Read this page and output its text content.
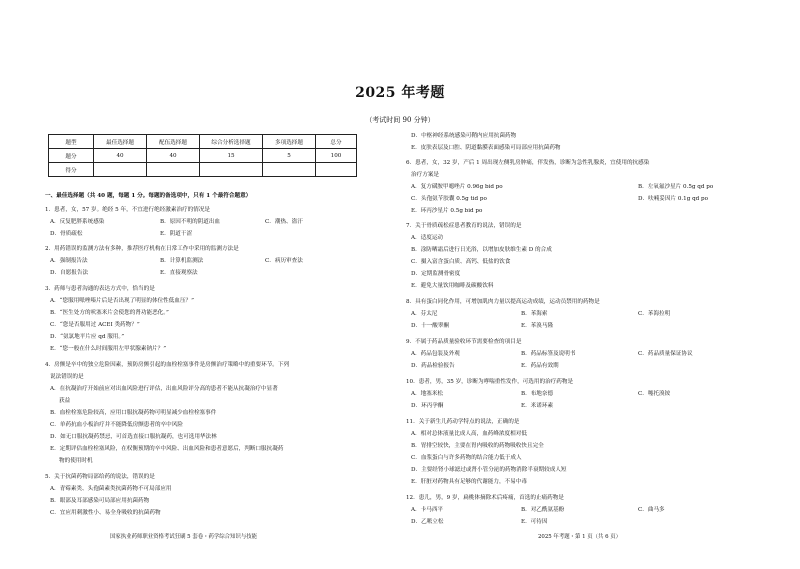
2025 年考题
（考试时间 90 分钟）
题型	最佳选择题	配伍选择题	综合分析选择题	多项选择题	总分
题分	40	40	15	5	100
得分					
一、最佳选择题（共 40 题，每题 1 分。每题的备选项中，只有 1 个最符合题意）
1．患者，女，57 岁。绝经 5 年，不宜进行绝经激素治疗的情况是
A．反复肥胖系统感染	B．原因不明的阴道出血	C．潮热、盗汗
D．骨质疏松	E．阴道干涩
2．用药错误的监测方法有多种，推荐医疗机构在日常工作中采用的监测方法是
A．强制报告法	B．计算机监测法	C．病历审查法
D．自愿报告法	E．直接观察法
3．药师与患者沟通的表达方式中，恰当的是
A．“您服用哌唑嗪片后是否出现了明显的体位性低血压？”
B．“医生处方的吠塞米片会使您的肾功能恶化。”
C．“您是否服用过 ACEI 类药物？”
D．“氨氯地平片应 qd 服用。”
E．“您一般在什么时间服用左甲状腺素钠片？”
4．房颤是卒中的独立危险因素，预防房颤引起的血栓栓塞事件是房颤治疗策略中的重要环节。下列
说法错误的是
A．在抗凝治疗开始前应对出血风险进行评估，出血风险评分高的患者不能从抗凝治疗中显著
获益
B．血栓栓塞危险较高，应用口服抗凝药物可明显减少血栓栓塞事件
C．单药抗血小板治疗并不能降低房颤患者的卒中风险
D．如无口服抗凝药禁忌，可首选直接口服抗凝药，也可选用华法林
E．定期评估血栓栓塞风险，在权衡预期的卒中风险、出血风险和患者意愿后，判断口服抗凝药
物的使用时机
5．关于抗菌药物局部给药的说法，错误的是
A．青霉素类、头孢菌素类抗菌药物不可局部应用
B．眼部及耳部感染可局部应用抗菌药物
C．宜应用刺激性小、易全身吸收的抗菌药物
D．中枢神经系统感染可鞘内应用抗菌药物
E．皮肤表层及口腔、阴道黏膜表面感染可局部应用抗菌药物
6．患者，女，32 岁，产后 1 周出现左侧乳房肿痛，伴发热，诊断为急性乳腺炎，宜使用的抗感染
治疗方案是
A．复方磺胺甲噁唑片 0.96g bid po	B．左氧氟沙星片 0.5g qd po
C．头孢氨苄胶囊 0.5g tid po	D．呋喃妥因片 0.1g qd po
E．环丙沙星片 0.5g bid po
7．关于骨质疏松症患者教育的说法，错误的是
A．适度运动
B．涂防晒霜后进行日光浴，以增加皮肤维生素 D 的合成
C．摄入富含蛋白质、高钙、低盐的饮食
D．定期监测骨密度
E．避免大量饮用咖啡及碳酸饮料
8．具有蛋白同化作用，可增加肌肉力量以提高运动成绩，运动员禁用的药物是
A．芬太尼	B．苯海索	C．苯海拉明
D．十一酸睾酮	E．苯溴马隆
9．不属于药品质量验收环节需要检查的项目是
A．药品包装及外观	B．药品标签及说明书	C．药品质量保证协议
D．药品检验报告	E．药品有效期
10．患者，男，35 岁，诊断为哮喘重性发作，可选用的治疗药物是
A．地塞米松	B．布地奈德	C．噻托溴铵
D．环丙孕酮	E．米诺环素
11．关于新生儿药动学特点的说法，正确的是
A．相对总体液量比成人高，血药峰浓度相对低
B．胃排空较快，主要在胃内吸收的药物吸收快且完全
C．血浆蛋白与许多药物的结合能力低于成人
D．主要经肾小球滤过或肾小管分泌的药物消除半衰期较成人短
E．肝脏对药物具有足够的代谢能力，不易中毒
12．患儿，男，9 岁，扁桃体摘除术后疼痛，首选的止痛药物是
A．卡马西平	B．对乙酰氨基酚	C．曲马多
D．乙哌立松	E．可待因
国家执业药师职业资格考试狂刷 5 套卷・药学综合知识与技能	2025 年考题・第 1 页（共 6 页）
